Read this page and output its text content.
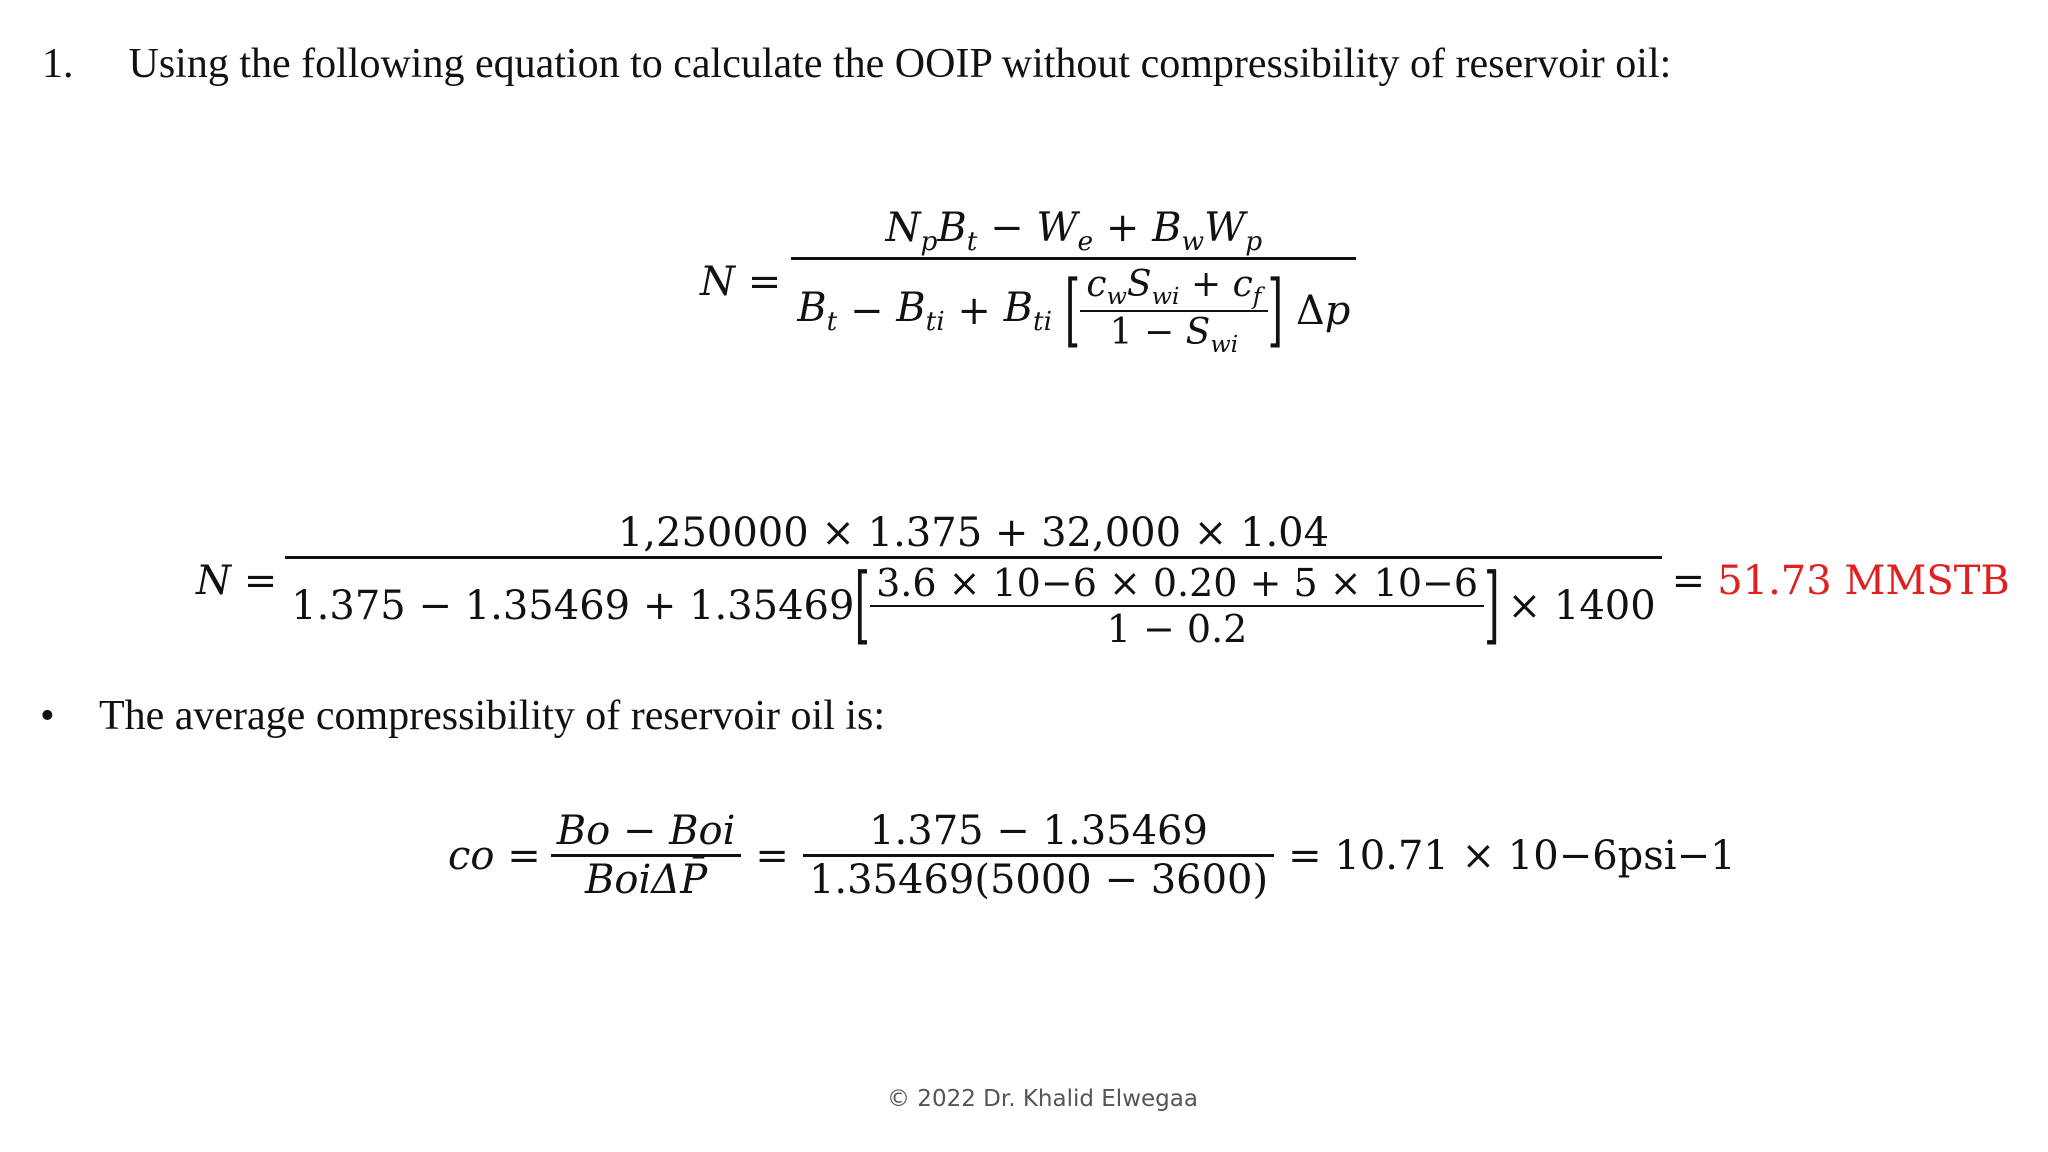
1. Using the following equation to calculate the OOIP without compressibility of reservoir oil:
N =
$N_pB_t - W_e + B_wW_p$
$B_t - B_{ti} + B_{ti}$
[ $\frac{c_wS_{wi} + c_f}{1 - S_{wi}}$ ]
Δ p
N =
1,250000 × 1.375 + 32,000 × 1.04
1.375 − 1.35469 + 1.35469 [ $\frac{3.6 \times 10-6 \times 0.20 + 5 \times 10-6}{1 - 0.2}$ ] × 1400
= 51.73 MMSTB
• The average compressibility of reservoir oil is:
co = $\frac{\text{Bo − Boi}}{\text{BoiΔP̄}} = \frac{1.375 - 1.35469}{1.35469(5000 - 3600)} = 10.71 \times 10-6psi-1$
© 2022 Dr. Khalid Elwegaa
